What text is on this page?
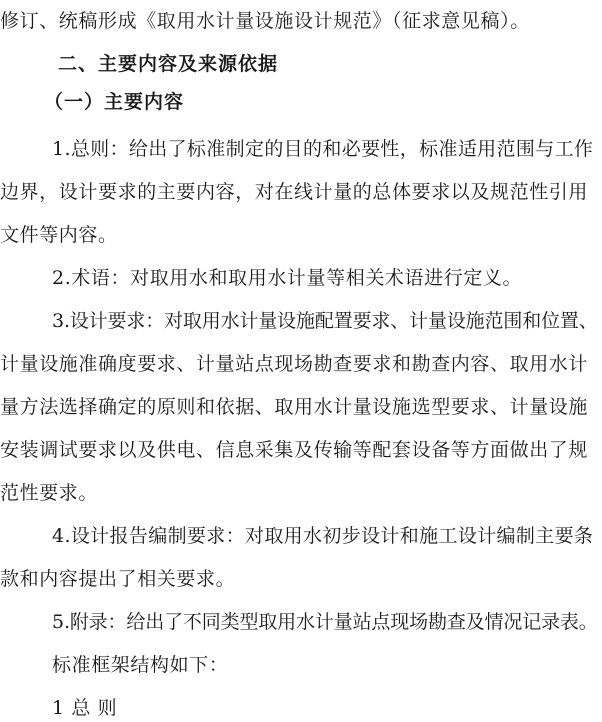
修订、统稿形成《取用水计量设施设计规范》（征求意见稿）。
二、主要内容及来源依据
（一）主要内容
1.总则：给出了标准制定的目的和必要性，标准适用范围与工作
边界，设计要求的主要内容，对在线计量的总体要求以及规范性引用
文件等内容。
2.术语：对取用水和取用水计量等相关术语进行定义。
3.设计要求：对取用水计量设施配置要求、计量设施范围和位置、
计量设施准确度要求、计量站点现场勘查要求和勘查内容、取用水计
量方法选择确定的原则和依据、取用水计量设施选型要求、计量设施
安装调试要求以及供电、信息采集及传输等配套设备等方面做出了规
范性要求。
4.设计报告编制要求：对取用水初步设计和施工设计编制主要条
款和内容提出了相关要求。
5.附录：给出了不同类型取用水计量站点现场勘查及情况记录表。
标准框架结构如下：
1 总 则
